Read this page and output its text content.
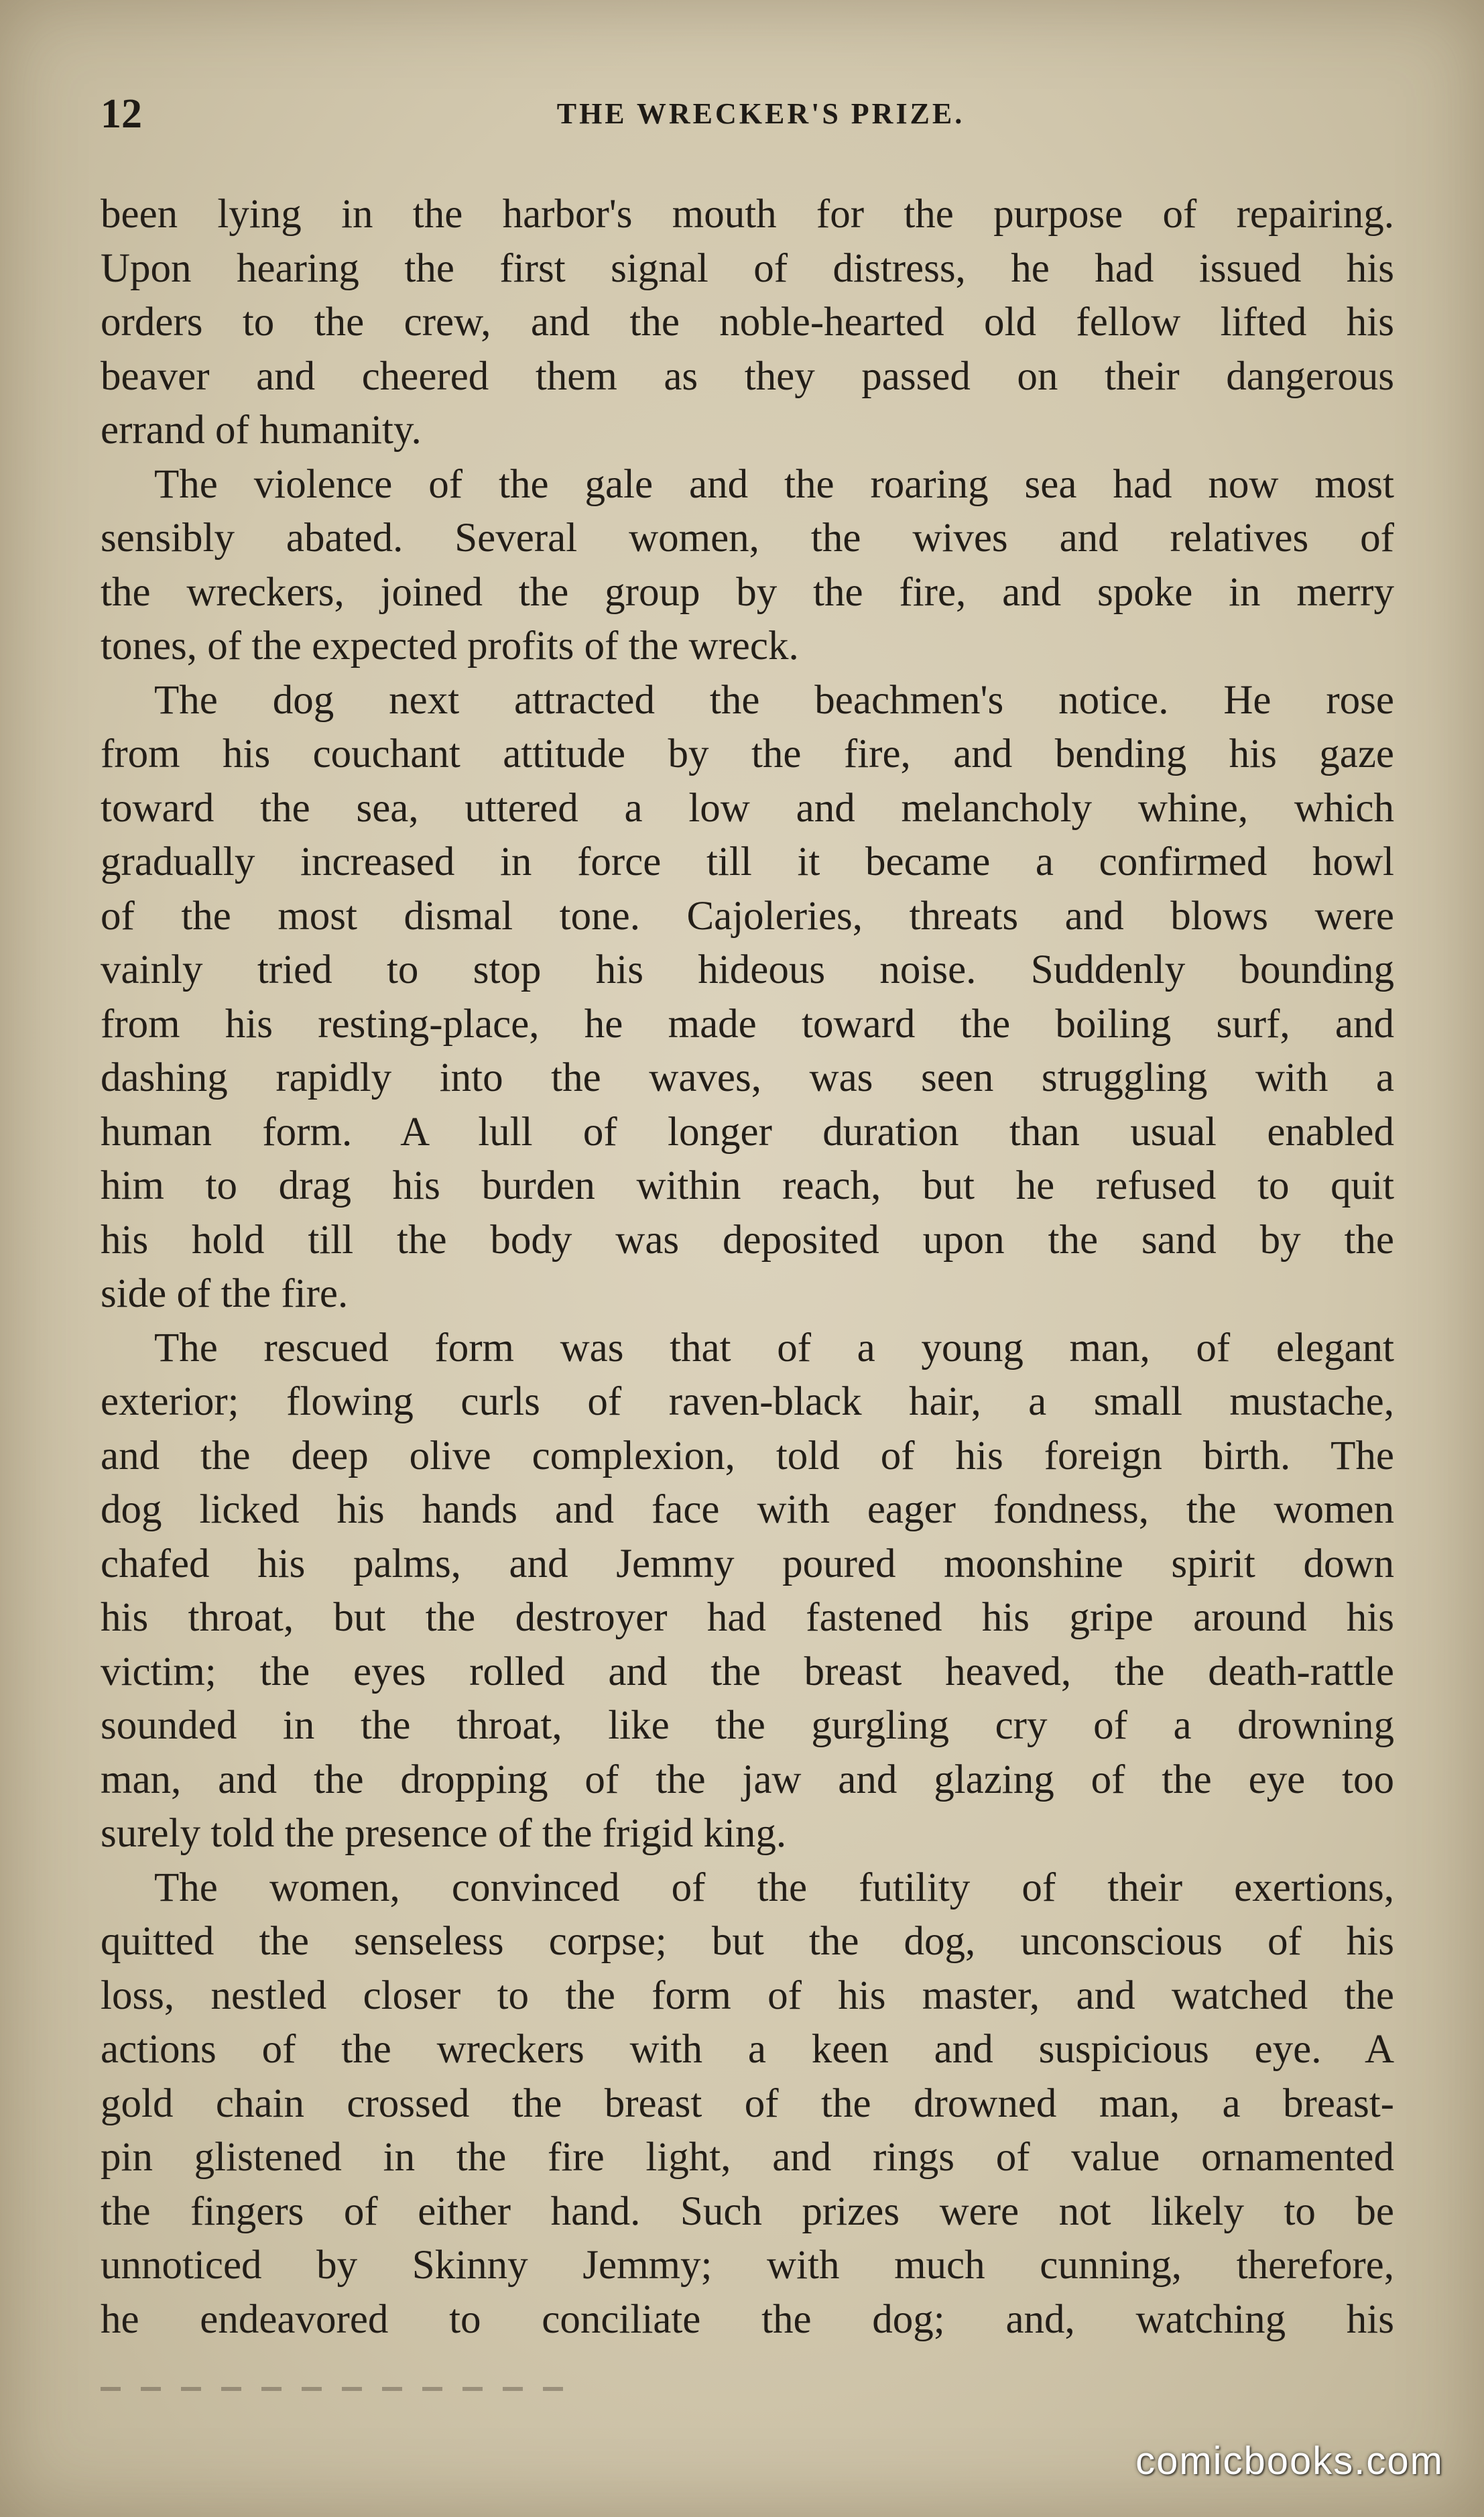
12	THE WRECKER'S PRIZE.

been lying in the harbor's mouth for the purpose of repairing.
Upon hearing the first signal of distress, he had issued his
orders to the crew, and the noble-hearted old fellow lifted his
beaver and cheered them as they passed on their dangerous
errand of humanity.

The violence of the gale and the roaring sea had now most
sensibly abated. Several women, the wives and relatives of
the wreckers, joined the group by the fire, and spoke in merry
tones, of the expected profits of the wreck.

The dog next attracted the beachmen's notice. He rose
from his couchant attitude by the fire, and bending his gaze
toward the sea, uttered a low and melancholy whine, which
gradually increased in force till it became a confirmed howl
of the most dismal tone. Cajoleries, threats and blows were
vainly tried to stop his hideous noise. Suddenly bounding
from his resting-place, he made toward the boiling surf, and
dashing rapidly into the waves, was seen struggling with a
human form. A lull of longer duration than usual enabled
him to drag his burden within reach, but he refused to quit
his hold till the body was deposited upon the sand by the
side of the fire.

The rescued form was that of a young man, of elegant
exterior; flowing curls of raven-black hair, a small mustache,
and the deep olive complexion, told of his foreign birth. The
dog licked his hands and face with eager fondness, the women
chafed his palms, and Jemmy poured moonshine spirit down
his throat, but the destroyer had fastened his gripe around his
victim; the eyes rolled and the breast heaved, the death-rattle
sounded in the throat, like the gurgling cry of a drowning
man, and the dropping of the jaw and glazing of the eye too
surely told the presence of the frigid king.

The women, convinced of the futility of their exertions,
quitted the senseless corpse; but the dog, unconscious of his
loss, nestled closer to the form of his master, and watched the
actions of the wreckers with a keen and suspicious eye. A
gold chain crossed the breast of the drowned man, a breast-
pin glistened in the fire light, and rings of value ornamented
the fingers of either hand. Such prizes were not likely to be
unnoticed by Skinny Jemmy; with much cunning, therefore,
he endeavored to conciliate the dog; and, watching his

comicbooks.com
